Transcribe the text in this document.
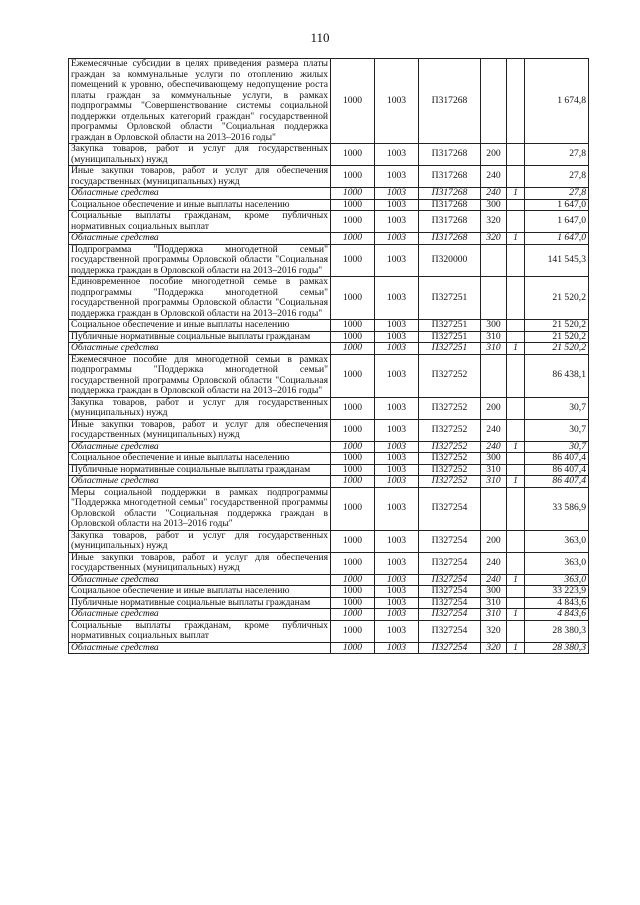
110
Ежемесячные субсидии в целях приведения размера платы граждан за коммунальные услуги по отоплению жилых помещений к уровню, обеспечивающему недопущение роста платы граждан за коммунальные услуги, в рамках подпрограммы "Совершенствование системы социальной поддержки отдельных категорий граждан" государственной программы Орловской области "Социальная поддержка граждан в Орловской области на 2013–2016 годы"	1000	1003	П317268			1 674,8
Закупка товаров, работ и услуг для государственных (муниципальных) нужд	1000	1003	П317268	200		27,8
Иные закупки товаров, работ и услуг для обеспечения государственных (муниципальных) нужд	1000	1003	П317268	240		27,8
Областные средства	1000	1003	П317268	240	1	27,8
Социальное обеспечение и иные выплаты населению	1000	1003	П317268	300		1 647,0
Социальные выплаты гражданам, кроме публичных нормативных социальных выплат	1000	1003	П317268	320		1 647,0
Областные средства	1000	1003	П317268	320	1	1 647,0
Подпрограмма "Поддержка многодетной семьи" государственной программы Орловской области "Социальная поддержка граждан в Орловской области на 2013–2016 годы"	1000	1003	П320000			141 545,3
Единовременное пособие многодетной семье в рамках подпрограммы "Поддержка многодетной семьи" государственной программы Орловской области "Социальная поддержка граждан в Орловской области на 2013–2016 годы"	1000	1003	П327251			21 520,2
Социальное обеспечение и иные выплаты населению	1000	1003	П327251	300		21 520,2
Публичные нормативные социальные выплаты гражданам	1000	1003	П327251	310		21 520,2
Областные средства	1000	1003	П327251	310	1	21 520,2
Ежемесячное пособие для многодетной семьи в рамках подпрограммы "Поддержка многодетной семьи" государственной программы Орловской области "Социальная поддержка граждан в Орловской области на 2013–2016 годы"	1000	1003	П327252			86 438,1
Закупка товаров, работ и услуг для государственных (муниципальных) нужд	1000	1003	П327252	200		30,7
Иные закупки товаров, работ и услуг для обеспечения государственных (муниципальных) нужд	1000	1003	П327252	240		30,7
Областные средства	1000	1003	П327252	240	1	30,7
Социальное обеспечение и иные выплаты населению	1000	1003	П327252	300		86 407,4
Публичные нормативные социальные выплаты гражданам	1000	1003	П327252	310		86 407,4
Областные средства	1000	1003	П327252	310	1	86 407,4
Меры социальной поддержки в рамках подпрограммы "Поддержка многодетной семьи" государственной программы Орловской области "Социальная поддержка граждан в Орловской области на 2013–2016 годы"	1000	1003	П327254			33 586,9
Закупка товаров, работ и услуг для государственных (муниципальных) нужд	1000	1003	П327254	200		363,0
Иные закупки товаров, работ и услуг для обеспечения государственных (муниципальных) нужд	1000	1003	П327254	240		363,0
Областные средства	1000	1003	П327254	240	1	363,0
Социальное обеспечение и иные выплаты населению	1000	1003	П327254	300		33 223,9
Публичные нормативные социальные выплаты гражданам	1000	1003	П327254	310		4 843,6
Областные средства	1000	1003	П327254	310	1	4 843,6
Социальные выплаты гражданам, кроме публичных нормативных социальных выплат	1000	1003	П327254	320		28 380,3
Областные средства	1000	1003	П327254	320	1	28 380,3
